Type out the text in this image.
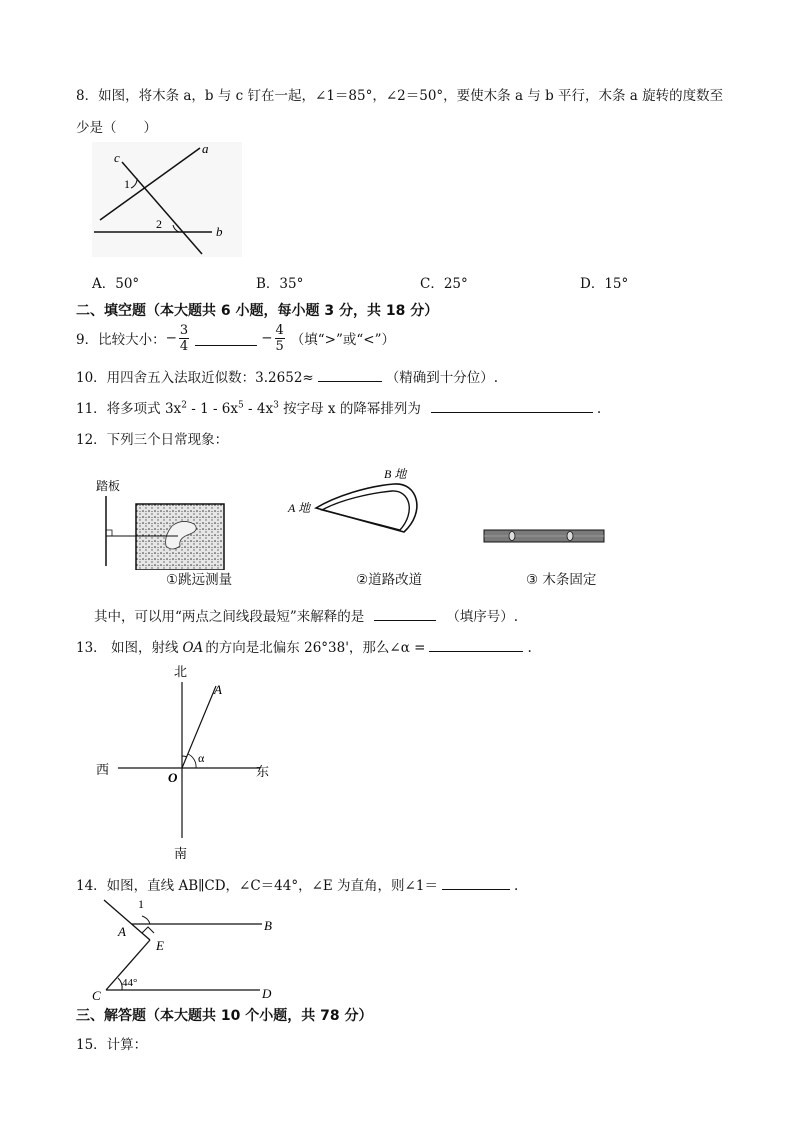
8．如图，将木条 a，b 与 c 钉在一起，∠1＝85°，∠2＝50°，要使木条 a 与 b 平行，木条 a 旋转的度数至
少是（　　）
c
a
b
1
2
A．50°	B．35°	C．25°	D．15°
二、填空题（本大题共 6 小题，每小题 3 分，共 18 分）
9．比较大小： − $\frac{3}{4}$	− $\frac{4}{5}$ （填“>”或“<”）
10．用四舍五入法取近似数：3.2652≈	（精确到十分位）.
11．将多项式 $3x^2 - 1 - 6x^5 - 4x^3$ 按字母 x 的降幂排列为	.
12．下列三个日常现象：
踏板
B 地
A 地
①跳远测量	②道路改道	③ 木条固定
其中，可以用“两点之间线段最短”来解释的是	（填序号）.
13． 如图，射线 OA 的方向是北偏东 26°38'，那么∠α =	.
北
南
西	东
A
O
α
14．如图，直线 AB∥CD，∠C＝44°，∠E 为直角，则∠1＝	.
1
A	B
E
C	D
44°
三、解答题（本大题共 10 个小题，共 78 分）
15．计算：
